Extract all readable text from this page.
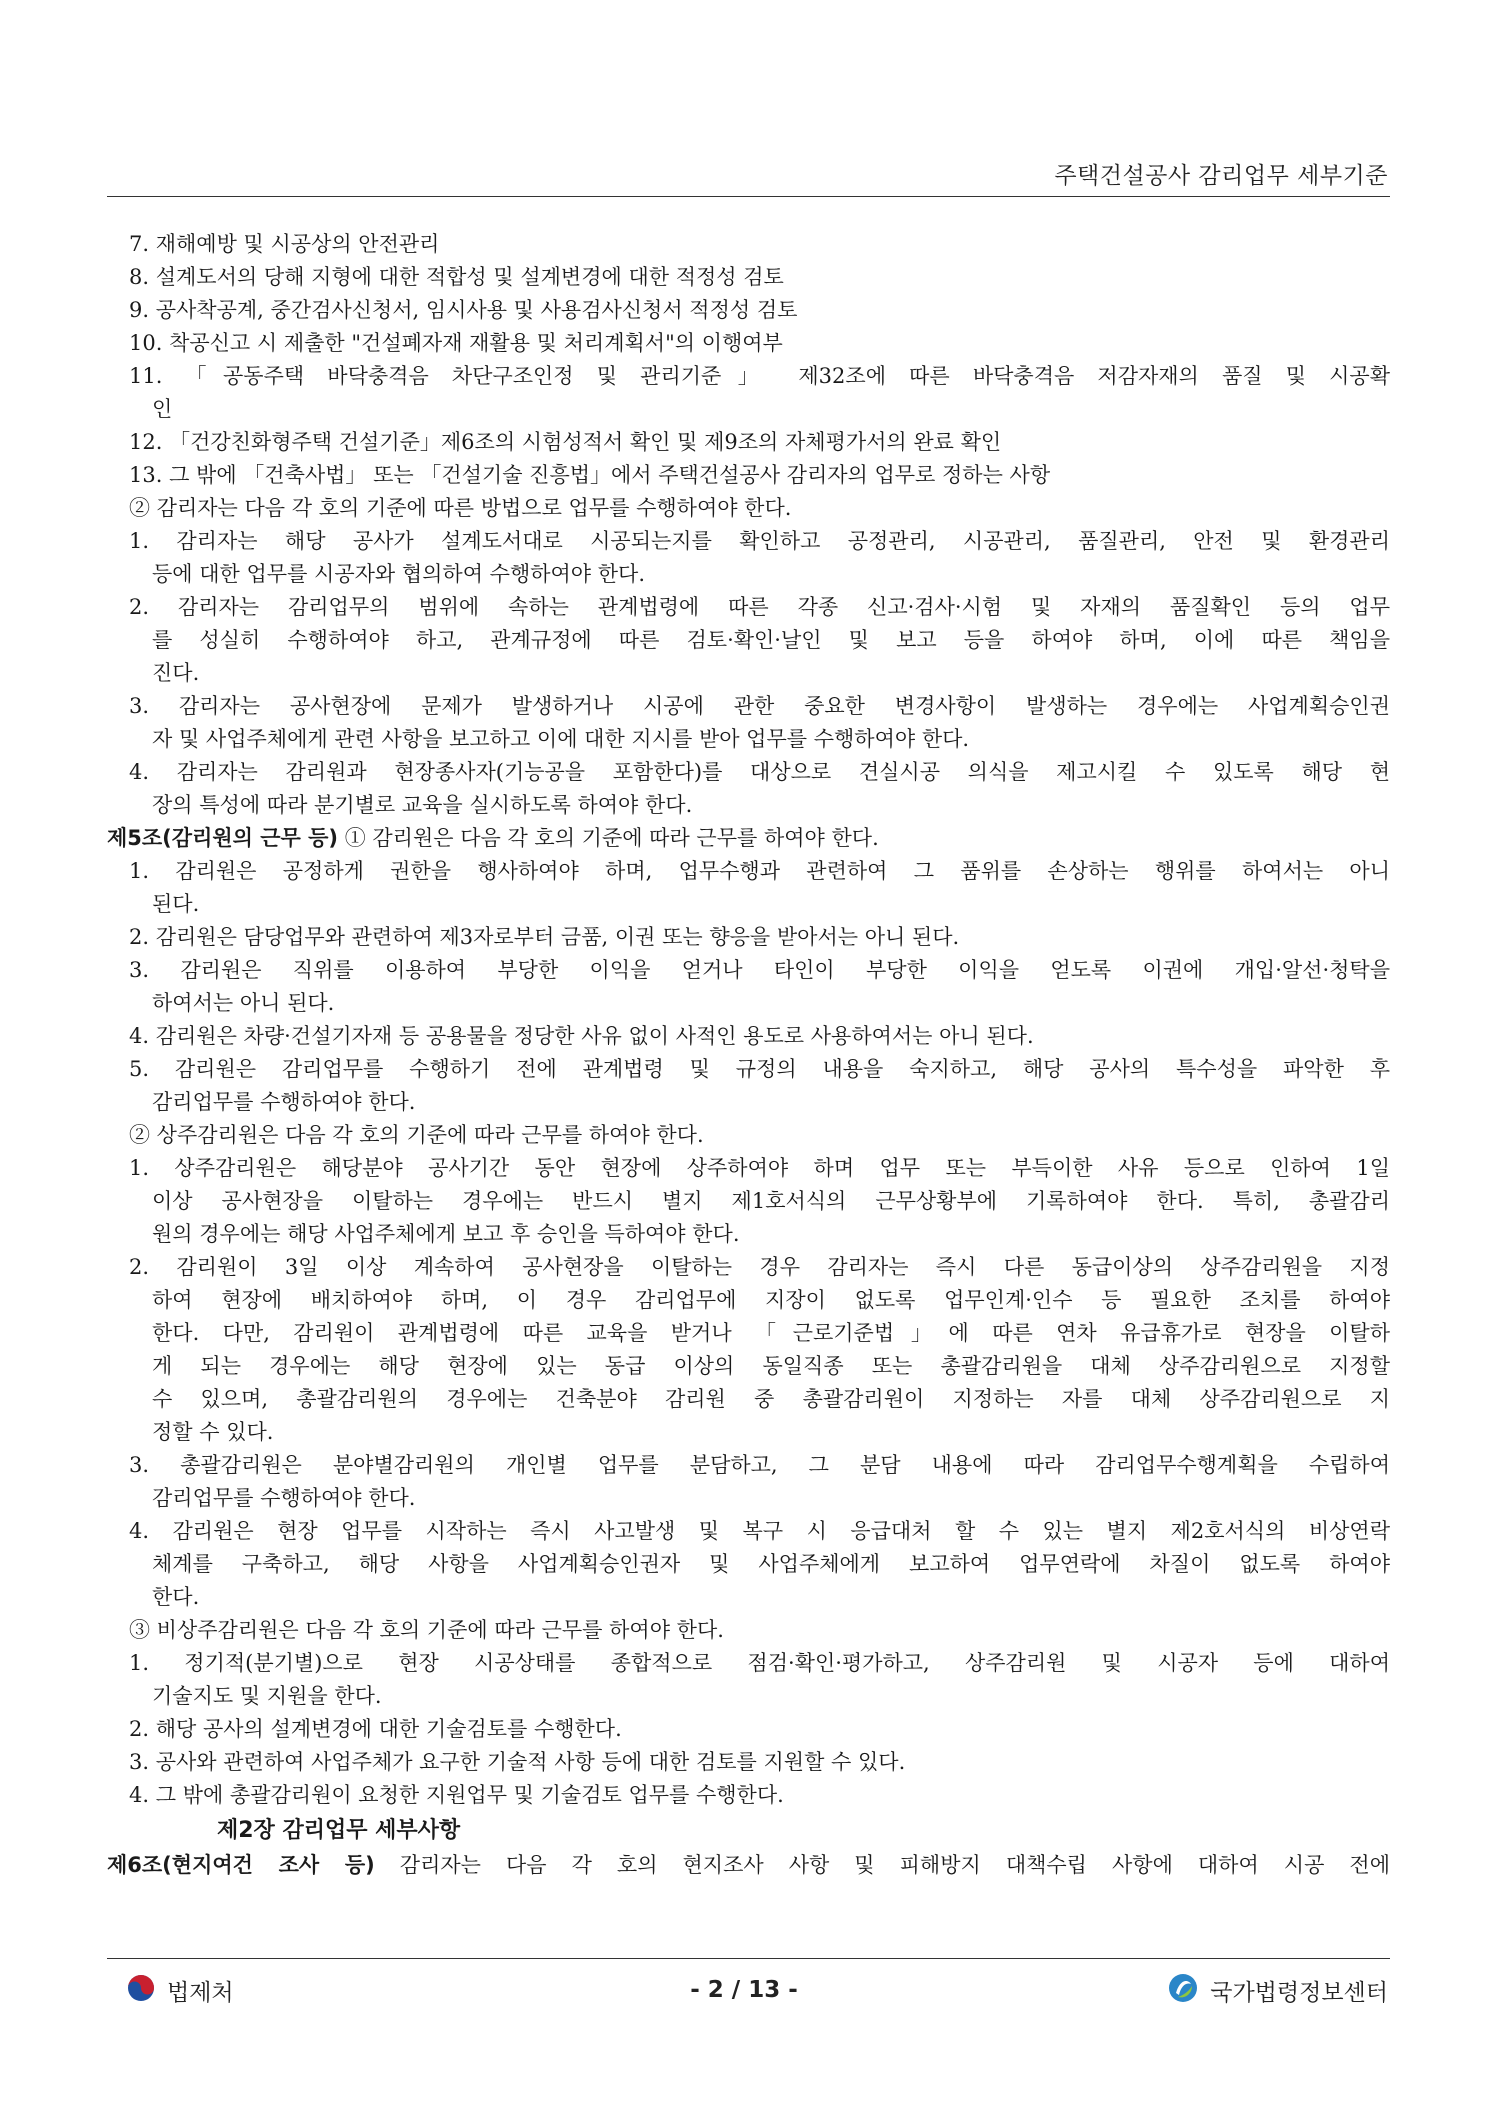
주택건설공사 감리업무 세부기준

7. 재해예방 및 시공상의 안전관리

8. 설계도서의 당해 지형에 대한 적합성 및 설계변경에 대한 적정성 검토

9. 공사착공계, 중간검사신청서, 임시사용 및 사용검사신청서 적정성 검토

10. 착공신고 시 제출한 "건설폐자재 재활용 및 처리계획서"의 이행여부

11. 「공동주택 바닥충격음 차단구조인정 및 관리기준」 제32조에 따른 바닥충격음 저감자재의 품질 및 시공확

인

12. 「건강친화형주택 건설기준」제6조의 시험성적서 확인 및 제9조의 자체평가서의 완료 확인

13. 그 밖에 「건축사법」 또는 「건설기술 진흥법」에서 주택건설공사 감리자의 업무로 정하는 사항

② 감리자는 다음 각 호의 기준에 따른 방법으로 업무를 수행하여야 한다.

1. 감리자는 해당 공사가 설계도서대로 시공되는지를 확인하고 공정관리, 시공관리, 품질관리, 안전 및 환경관리

등에 대한 업무를 시공자와 협의하여 수행하여야 한다.

2. 감리자는 감리업무의 범위에 속하는 관계법령에 따른 각종 신고·검사·시험 및 자재의 품질확인 등의 업무

를 성실히 수행하여야 하고, 관계규정에 따른 검토·확인·날인 및 보고 등을 하여야 하며, 이에 따른 책임을

진다.

3. 감리자는 공사현장에 문제가 발생하거나 시공에 관한 중요한 변경사항이 발생하는 경우에는 사업계획승인권

자 및 사업주체에게 관련 사항을 보고하고 이에 대한 지시를 받아 업무를 수행하여야 한다.

4. 감리자는 감리원과 현장종사자(기능공을 포함한다)를 대상으로 견실시공 의식을 제고시킬 수 있도록 해당 현

장의 특성에 따라 분기별로 교육을 실시하도록 하여야 한다.

제5조(감리원의 근무 등) ① 감리원은 다음 각 호의 기준에 따라 근무를 하여야 한다.

1. 감리원은 공정하게 권한을 행사하여야 하며, 업무수행과 관련하여 그 품위를 손상하는 행위를 하여서는 아니

된다.

2. 감리원은 담당업무와 관련하여 제3자로부터 금품, 이권 또는 향응을 받아서는 아니 된다.

3. 감리원은 직위를 이용하여 부당한 이익을 얻거나 타인이 부당한 이익을 얻도록 이권에 개입·알선·청탁을

하여서는 아니 된다.

4. 감리원은 차량·건설기자재 등 공용물을 정당한 사유 없이 사적인 용도로 사용하여서는 아니 된다.

5. 감리원은 감리업무를 수행하기 전에 관계법령 및 규정의 내용을 숙지하고, 해당 공사의 특수성을 파악한 후

감리업무를 수행하여야 한다.

② 상주감리원은 다음 각 호의 기준에 따라 근무를 하여야 한다.

1. 상주감리원은 해당분야 공사기간 동안 현장에 상주하여야 하며 업무 또는 부득이한 사유 등으로 인하여 1일

이상 공사현장을 이탈하는 경우에는 반드시 별지 제1호서식의 근무상황부에 기록하여야 한다. 특히, 총괄감리

원의 경우에는 해당 사업주체에게 보고 후 승인을 득하여야 한다.

2. 감리원이 3일 이상 계속하여 공사현장을 이탈하는 경우 감리자는 즉시 다른 동급이상의 상주감리원을 지정

하여 현장에 배치하여야 하며, 이 경우 감리업무에 지장이 없도록 업무인계·인수 등 필요한 조치를 하여야

한다. 다만, 감리원이 관계법령에 따른 교육을 받거나 「근로기준법」에 따른 연차 유급휴가로 현장을 이탈하

게 되는 경우에는 해당 현장에 있는 동급 이상의 동일직종 또는 총괄감리원을 대체 상주감리원으로 지정할

수 있으며, 총괄감리원의 경우에는 건축분야 감리원 중 총괄감리원이 지정하는 자를 대체 상주감리원으로 지

정할 수 있다.

3. 총괄감리원은 분야별감리원의 개인별 업무를 분담하고, 그 분담 내용에 따라 감리업무수행계획을 수립하여

감리업무를 수행하여야 한다.

4. 감리원은 현장 업무를 시작하는 즉시 사고발생 및 복구 시 응급대처 할 수 있는 별지 제2호서식의 비상연락

체계를 구축하고, 해당 사항을 사업계획승인권자 및 사업주체에게 보고하여 업무연락에 차질이 없도록 하여야

한다.

③ 비상주감리원은 다음 각 호의 기준에 따라 근무를 하여야 한다.

1. 정기적(분기별)으로 현장 시공상태를 종합적으로 점검·확인·평가하고, 상주감리원 및 시공자 등에 대하여

기술지도 및 지원을 한다.

2. 해당 공사의 설계변경에 대한 기술검토를 수행한다.

3. 공사와 관련하여 사업주체가 요구한 기술적 사항 등에 대한 검토를 지원할 수 있다.

4. 그 밖에 총괄감리원이 요청한 지원업무 및 기술검토 업무를 수행한다.

제2장 감리업무 세부사항

제6조(현지여건 조사 등) 감리자는 다음 각 호의 현지조사 사항 및 피해방지 대책수립 사항에 대하여 시공 전에

법제처	- 2 / 13 -	국가법령정보센터
